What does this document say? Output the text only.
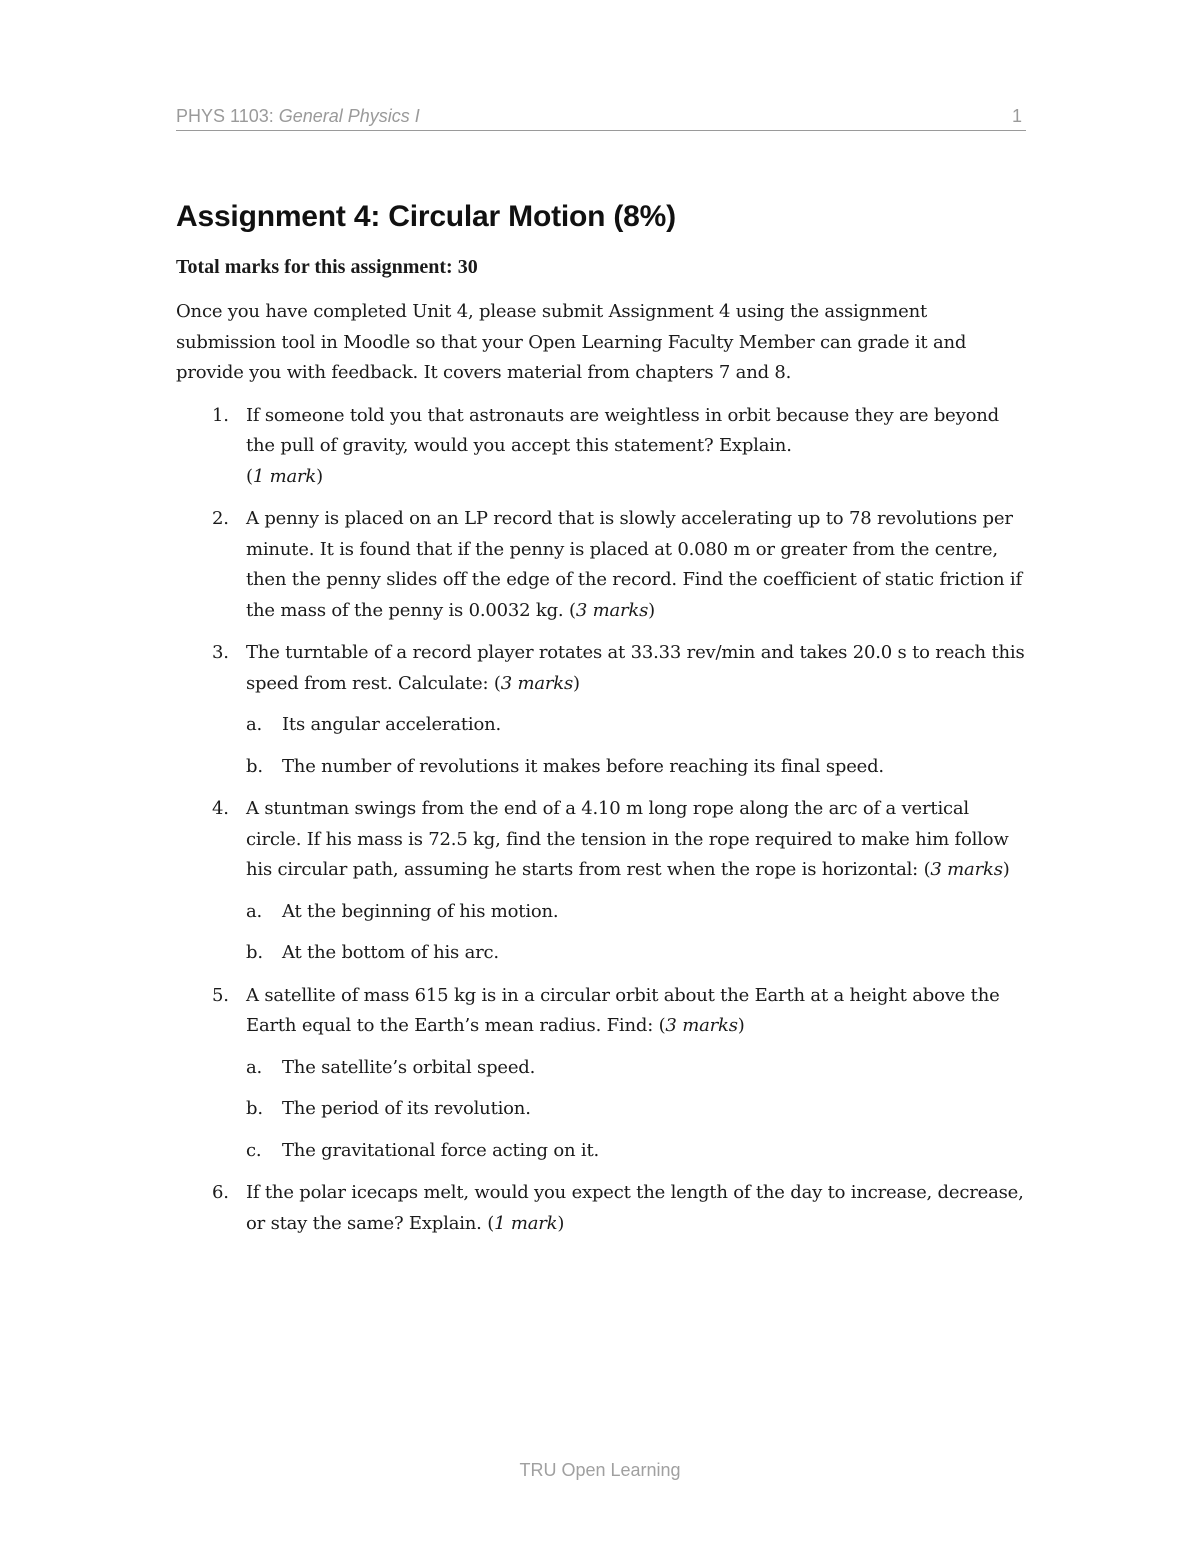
PHYS 1103: General Physics I	1
Assignment 4: Circular Motion (8%)

Total marks for this assignment: 30

Once you have completed Unit 4, please submit Assignment 4 using the assignment submission tool in Moodle so that your Open Learning Faculty Member can grade it and provide you with feedback. It covers material from chapters 7 and 8.

1. If someone told you that astronauts are weightless in orbit because they are beyond the pull of gravity, would you accept this statement? Explain.
(1 mark)
2. A penny is placed on an LP record that is slowly accelerating up to 78 revolutions per minute. It is found that if the penny is placed at 0.080 m or greater from the centre, then the penny slides off the edge of the record. Find the coefficient of static friction if the mass of the penny is 0.0032 kg. (3 marks)
3. The turntable of a record player rotates at 33.33 rev/min and takes 20.0 s to reach this speed from rest. Calculate: (3 marks)
a. Its angular acceleration.
b. The number of revolutions it makes before reaching its final speed.
4. A stuntman swings from the end of a 4.10 m long rope along the arc of a vertical circle. If his mass is 72.5 kg, find the tension in the rope required to make him follow his circular path, assuming he starts from rest when the rope is horizontal: (3 marks)
a. At the beginning of his motion.
b. At the bottom of his arc.
5. A satellite of mass 615 kg is in a circular orbit about the Earth at a height above the Earth equal to the Earth’s mean radius. Find: (3 marks)
a. The satellite’s orbital speed.
b. The period of its revolution.
c. The gravitational force acting on it.
6. If the polar icecaps melt, would you expect the length of the day to increase, decrease, or stay the same? Explain. (1 mark)
TRU Open Learning
